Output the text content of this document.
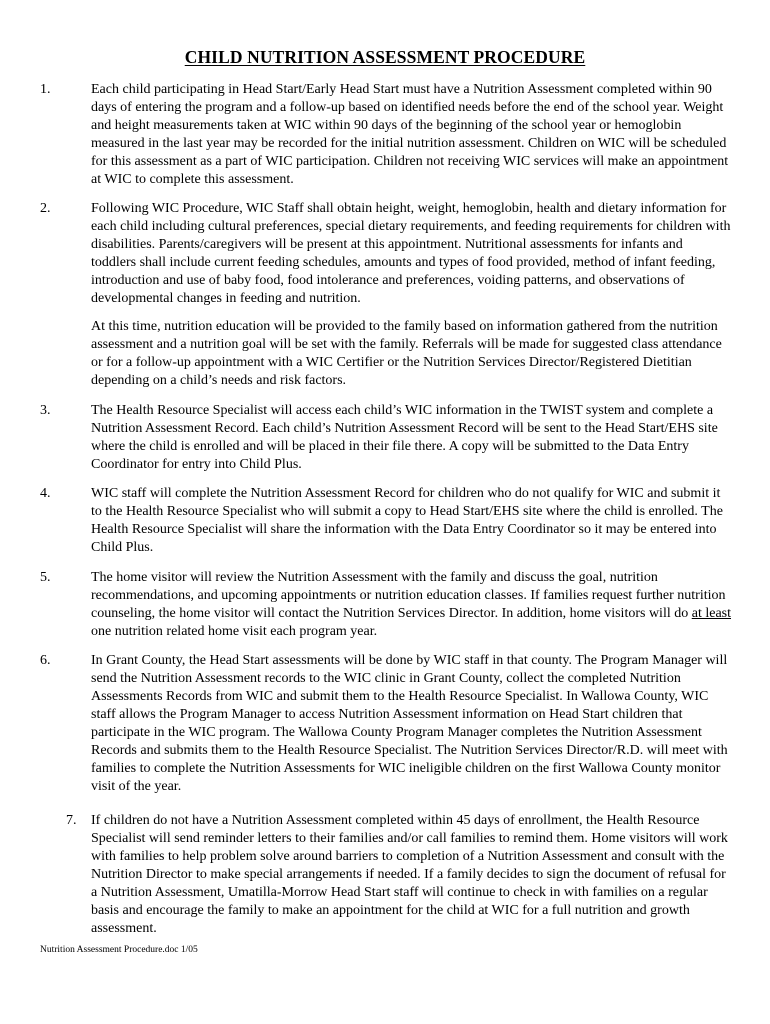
CHILD NUTRITION ASSESSMENT PROCEDURE
1.	Each child participating in Head Start/Early Head Start must have a Nutrition Assessment completed within 90 days of entering the program and a follow-up based on identified needs before the end of the school year. Weight and height measurements taken at WIC within 90 days of the beginning of the school year or hemoglobin measured in the last year may be recorded for the initial nutrition assessment. Children on WIC will be scheduled for this assessment as a part of WIC participation. Children not receiving WIC services will make an appointment at WIC to complete this assessment.

2.	Following WIC Procedure, WIC Staff shall obtain height, weight, hemoglobin, health and dietary information for each child including cultural preferences, special dietary requirements, and feeding requirements for children with disabilities. Parents/caregivers will be present at this appointment. Nutritional assessments for infants and toddlers shall include current feeding schedules, amounts and types of food provided, method of infant feeding, introduction and use of baby food, food intolerance and preferences, voiding patterns, and observations of developmental changes in feeding and nutrition.

At this time, nutrition education will be provided to the family based on information gathered from the nutrition assessment and a nutrition goal will be set with the family. Referrals will be made for suggested class attendance or for a follow-up appointment with a WIC Certifier or the Nutrition Services Director/Registered Dietitian depending on a child’s needs and risk factors.

3.	The Health Resource Specialist will access each child’s WIC information in the TWIST system and complete a Nutrition Assessment Record. Each child’s Nutrition Assessment Record will be sent to the Head Start/EHS site where the child is enrolled and will be placed in their file there. A copy will be submitted to the Data Entry Coordinator for entry into Child Plus.

4.	WIC staff will complete the Nutrition Assessment Record for children who do not qualify for WIC and submit it to the Health Resource Specialist who will submit a copy to Head Start/EHS site where the child is enrolled. The Health Resource Specialist will share the information with the Data Entry Coordinator so it may be entered into Child Plus.

5.	The home visitor will review the Nutrition Assessment with the family and discuss the goal, nutrition recommendations, and upcoming appointments or nutrition education classes. If families request further nutrition counseling, the home visitor will contact the Nutrition Services Director. In addition, home visitors will do at least one nutrition related home visit each program year.

6.	In Grant County, the Head Start assessments will be done by WIC staff in that county. The Program Manager will send the Nutrition Assessment records to the WIC clinic in Grant County, collect the completed Nutrition Assessments Records from WIC and submit them to the Health Resource Specialist. In Wallowa County, WIC staff allows the Program Manager to access Nutrition Assessment information on Head Start children that participate in the WIC program. The Wallowa County Program Manager completes the Nutrition Assessment Records and submits them to the Health Resource Specialist. The Nutrition Services Director/R.D. will meet with families to complete the Nutrition Assessments for WIC ineligible children on the first Wallowa County monitor visit of the year.

7. If children do not have a Nutrition Assessment completed within 45 days of enrollment, the Health Resource Specialist will send reminder letters to their families and/or call families to remind them. Home visitors will work with families to help problem solve around barriers to completion of a Nutrition Assessment and consult with the Nutrition Director to make special arrangements if needed. If a family decides to sign the document of refusal for a Nutrition Assessment, Umatilla-Morrow Head Start staff will continue to check in with families on a regular basis and encourage the family to make an appointment for the child at WIC for a full nutrition and growth assessment.

Nutrition Assessment Procedure.doc 1/05
